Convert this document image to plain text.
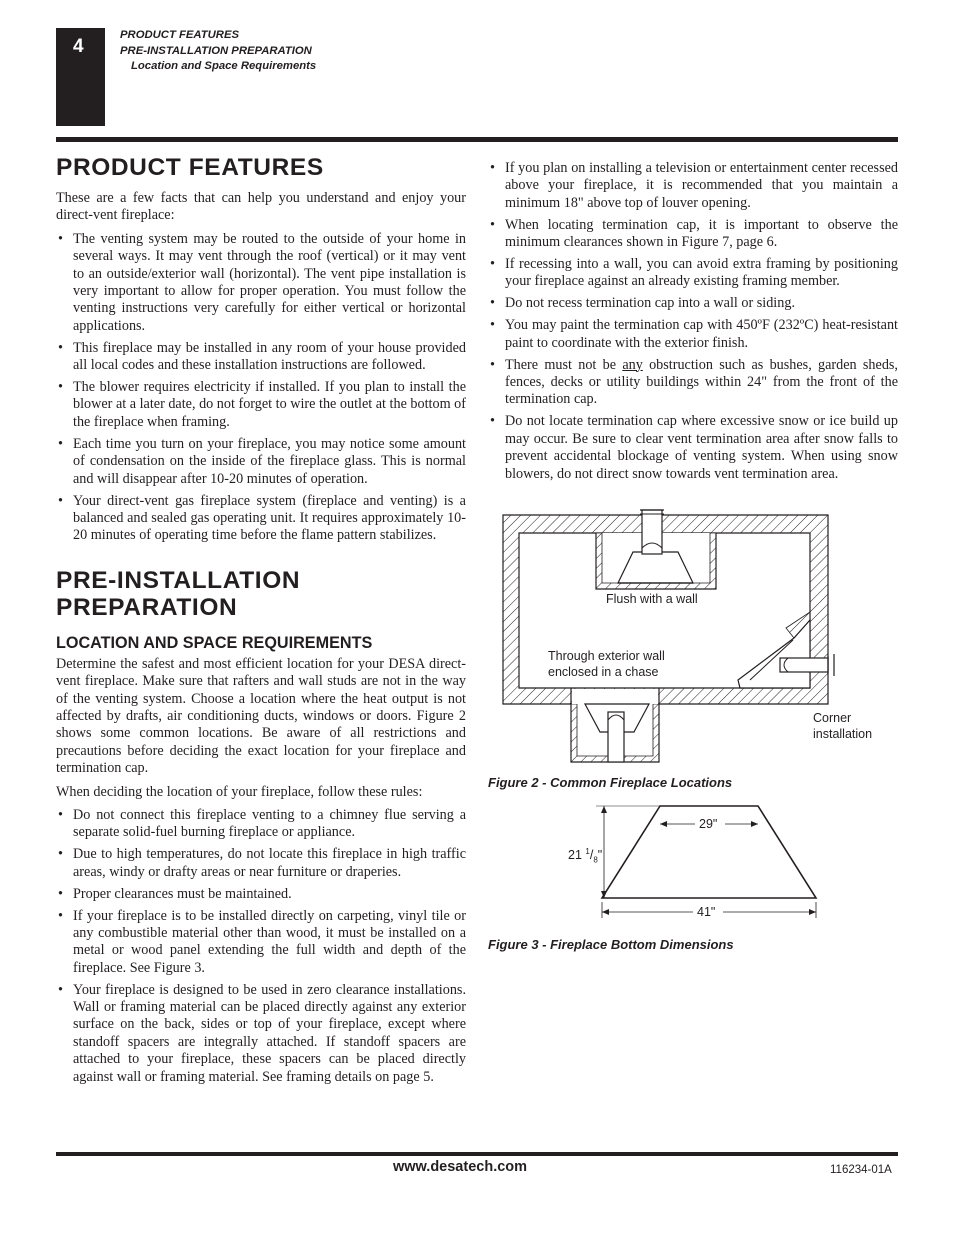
4
PRODUCT FEATURES
PRE-INSTALLATION PREPARATION
Location and Space Requirements
PRODUCT FEATURES

These are a few facts that can help you understand and enjoy your direct-vent fireplace:

• The venting system may be routed to the outside of your home in several ways. It may vent through the roof (vertical) or it may vent to an outside/exterior wall (horizontal). The vent pipe installation is very important to allow for proper operation. You must follow the venting instructions very carefully for either vertical or horizontal applications.
• This fireplace may be installed in any room of your house provided all local codes and these installation instructions are followed.
• The blower requires electricity if installed. If you plan to install the blower at a later date, do not forget to wire the outlet at the bottom of the fireplace when framing.
• Each time you turn on your fireplace, you may notice some amount of condensation on the inside of the fireplace glass. This is normal and will disappear after 10-20 minutes of operation.
• Your direct-vent gas fireplace system (fireplace and venting) is a balanced and sealed gas operating unit. It requires approximately 10-20 minutes of operating time before the flame pattern stabilizes.
PRE-INSTALLATION
PREPARATION
LOCATION AND SPACE REQUIREMENTS

Determine the safest and most efficient location for your DESA direct-vent fireplace. Make sure that rafters and wall studs are not in the way of the venting system. Choose a location where the heat output is not affected by drafts, air conditioning ducts, windows or doors. Figure 2 shows some common locations. Be aware of all restrictions and precautions before deciding the exact location for your fireplace and termination cap.

When deciding the location of your fireplace, follow these rules:

• Do not connect this fireplace venting to a chimney flue serving a separate solid-fuel burning fireplace or appliance.
• Due to high temperatures, do not locate this fireplace in high traffic areas, windy or drafty areas or near furniture or draperies.
• Proper clearances must be maintained.
• If your fireplace is to be installed directly on carpeting, vinyl tile or any combustible material other than wood, it must be installed on a metal or wood panel extending the full width and depth of the fireplace. See Figure 3.
• Your fireplace is designed to be used in zero clearance installations. Wall or framing material can be placed directly against any exterior surface on the back, sides or top of your fireplace, except where standoff spacers are integrally attached. If standoff spacers are attached to your fireplace, these spacers can be placed directly against wall or framing material. See framing details on page 5.
• If you plan on installing a television or entertainment center recessed above your fireplace, it is recommended that you maintain a minimum 18" above top of louver opening.
• When locating termination cap, it is important to observe the minimum clearances shown in Figure 7, page 6.
• If recessing into a wall, you can avoid extra framing by positioning your fireplace against an already existing framing member.
• Do not recess termination cap into a wall or siding.
• You may paint the termination cap with 450ºF (232ºC) heat-resistant paint to coordinate with the exterior finish.
• There must not be any obstruction such as bushes, garden sheds, fences, decks or utility buildings within 24" from the front of the termination cap.
• Do not locate termination cap where excessive snow or ice build up may occur. Be sure to clear vent termination area after snow falls to prevent accidental blockage of venting system. When using snow blowers, do not direct snow towards vent termination area.
Flush with a wall
Through exterior wall
enclosed in a chase
Corner
installation
Figure 2 - Common Fireplace Locations
29"
41"
21 $^1/_8$"
Figure 3 - Fireplace Bottom Dimensions
www.desatech.com	116234-01A
